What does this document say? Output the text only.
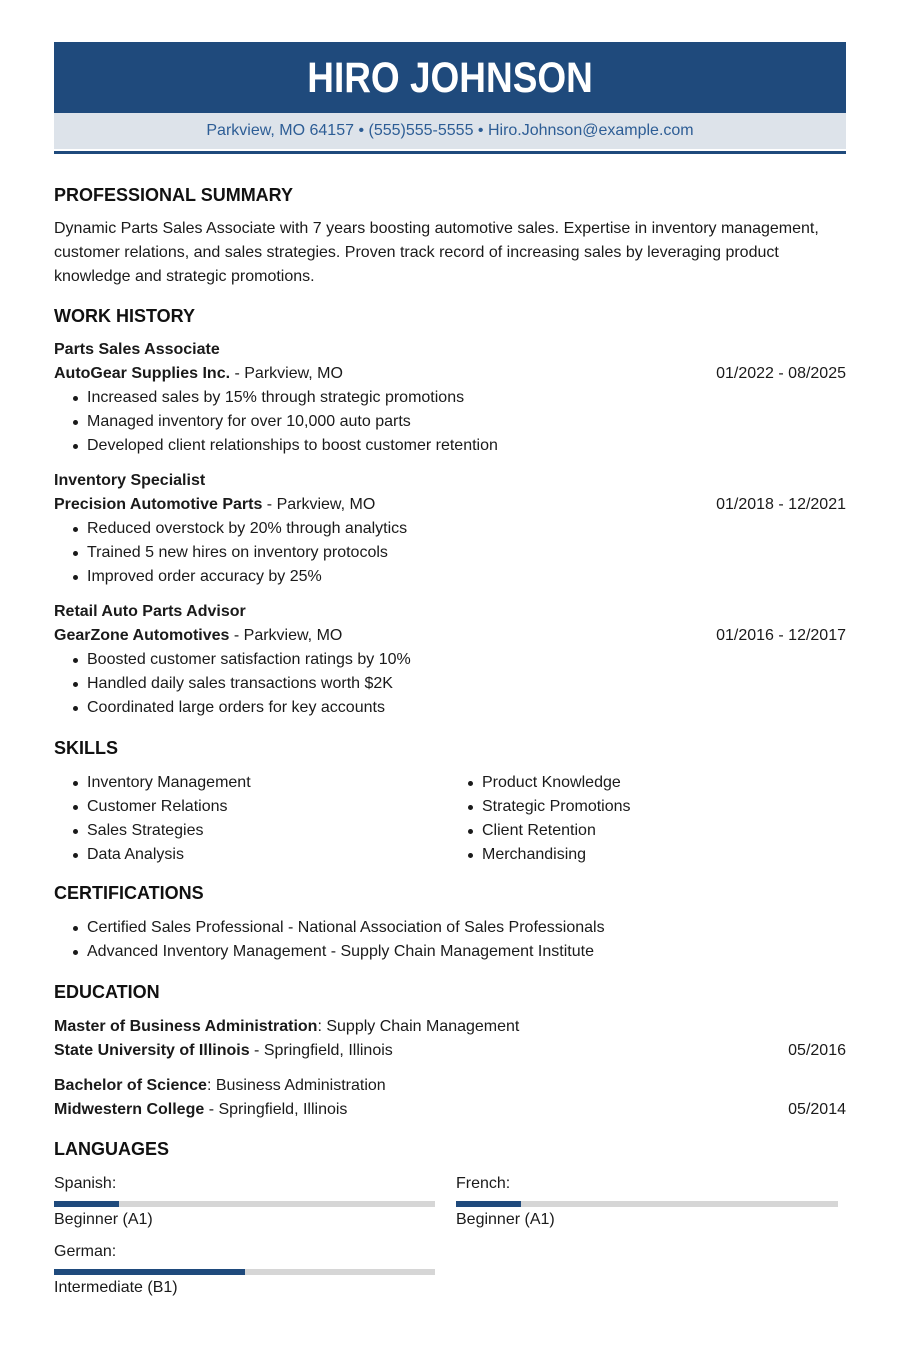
HIRO JOHNSON
Parkview, MO 64157 • (555)555-5555 • Hiro.Johnson@example.com
PROFESSIONAL SUMMARY
Dynamic Parts Sales Associate with 7 years boosting automotive sales. Expertise in inventory management,
customer relations, and sales strategies. Proven track record of increasing sales by leveraging product
knowledge and strategic promotions.
WORK HISTORY
Parts Sales Associate
AutoGear Supplies Inc. - Parkview, MO	01/2022 - 08/2025
Increased sales by 15% through strategic promotions
Managed inventory for over 10,000 auto parts
Developed client relationships to boost customer retention
Inventory Specialist
Precision Automotive Parts - Parkview, MO	01/2018 - 12/2021
Reduced overstock by 20% through analytics
Trained 5 new hires on inventory protocols
Improved order accuracy by 25%
Retail Auto Parts Advisor
GearZone Automotives - Parkview, MO	01/2016 - 12/2017
Boosted customer satisfaction ratings by 10%
Handled daily sales transactions worth $2K
Coordinated large orders for key accounts
SKILLS
Inventory Management
Customer Relations
Sales Strategies
Data Analysis
Product Knowledge
Strategic Promotions
Client Retention
Merchandising
CERTIFICATIONS
Certified Sales Professional - National Association of Sales Professionals
Advanced Inventory Management - Supply Chain Management Institute
EDUCATION
Master of Business Administration: Supply Chain Management
State University of Illinois - Springfield, Illinois	05/2016
Bachelor of Science: Business Administration
Midwestern College - Springfield, Illinois	05/2014
LANGUAGES
Spanish:
Beginner (A1)
French:
Beginner (A1)
German:
Intermediate (B1)
